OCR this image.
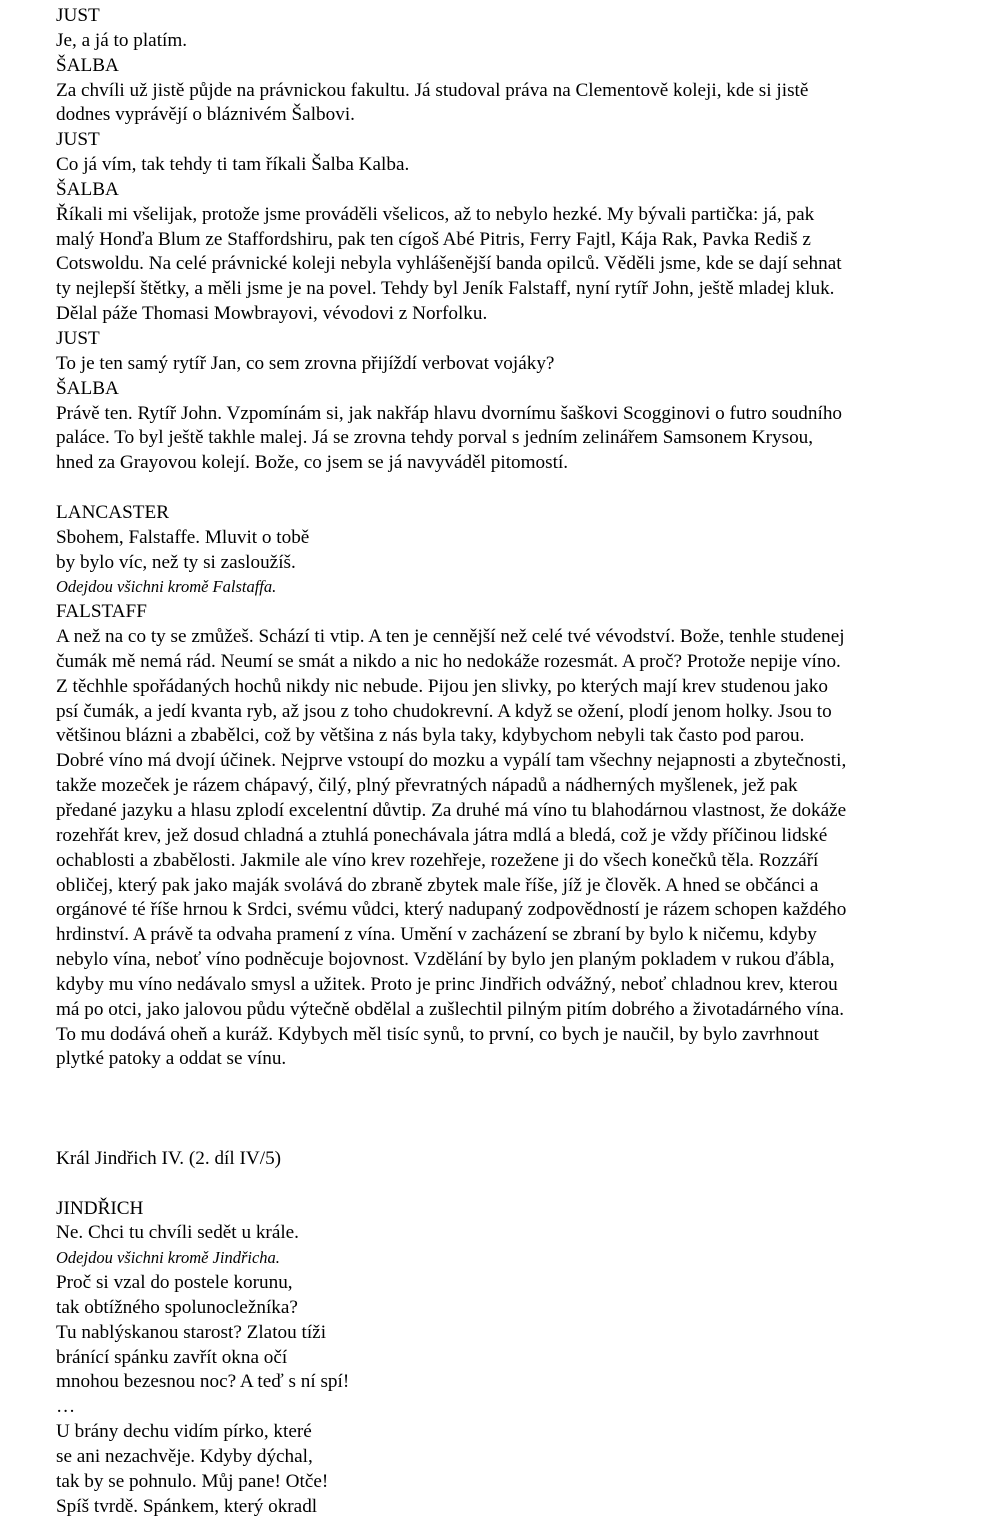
JUST
Je, a já to platím.
ŠALBA
Za chvíli už jistě půjde na právnickou fakultu. Já studoval práva na Clementově koleji, kde si jistě
dodnes vyprávějí o bláznivém Šalbovi.
JUST
Co já vím, tak tehdy ti tam říkali Šalba Kalba.
ŠALBA
Říkali mi všelijak, protože jsme prováděli všelicos, až to nebylo hezké. My bývali partička: já, pak
malý Honďa Blum ze Staffordshiru, pak ten cígoš Abé Pitris, Ferry Fajtl, Kája Rak, Pavka Rediš z
Cotswoldu. Na celé právnické koleji nebyla vyhlášenější banda opilců. Věděli jsme, kde se dají sehnat
ty nejlepší štětky, a měli jsme je na povel. Tehdy byl Jeník Falstaff, nyní rytíř John, ještě mladej kluk.
Dělal páže Thomasi Mowbrayovi, vévodovi z Norfolku.
JUST
To je ten samý rytíř Jan, co sem zrovna přijíždí verbovat vojáky?
ŠALBA
Právě ten. Rytíř John. Vzpomínám si, jak nakřáp hlavu dvornímu šaškovi Scogginovi o futro soudního
paláce. To byl ještě takhle malej. Já se zrovna tehdy porval s jedním zelinářem Samsonem Krysou,
hned za Grayovou kolejí. Bože, co jsem se já navyváděl pitomostí.
LANCASTER
Sbohem, Falstaffe. Mluvit o tobě
by bylo víc, než ty si zasloužíš.
Odejdou všichni kromě Falstaffa.
FALSTAFF
A než na co ty se zmůžeš. Schází ti vtip. A ten je cennější než celé tvé vévodství. Bože, tenhle studenej
čumák mě nemá rád. Neumí se smát a nikdo a nic ho nedokáže rozesmát. A proč? Protože nepije víno.
Z těchhle spořádaných hochů nikdy nic nebude. Pijou jen slivky, po kterých mají krev studenou jako
psí čumák, a jedí kvanta ryb, až jsou z toho chudokrevní. A když se ožení, plodí jenom holky. Jsou to
většinou blázni a zbabělci, což by většina z nás byla taky, kdybychom nebyli tak často pod parou.
Dobré víno má dvojí účinek. Nejprve vstoupí do mozku a vypálí tam všechny nejapnosti a zbytečnosti,
takže mozeček je rázem chápavý, čilý, plný převratných nápadů a nádherných myšlenek, jež pak
předané jazyku a hlasu zplodí excelentní důvtip. Za druhé má víno tu blahodárnou vlastnost, že dokáže
rozehřát krev, jež dosud chladná a ztuhlá ponechávala játra mdlá a bledá, což je vždy příčinou lidské
ochablosti a zbabělosti. Jakmile ale víno krev rozehřeje, rozežene ji do všech konečků těla. Rozzáří
obličej, který pak jako maják svolává do zbraně zbytek male říše, jíž je člověk. A hned se občánci a
orgánové té říše hrnou k Srdci, svému vůdci, který nadupaný zodpovědností je rázem schopen každého
hrdinství. A právě ta odvaha pramení z vína. Umění v zacházení se zbraní by bylo k ničemu, kdyby
nebylo vína, neboť víno podněcuje bojovnost. Vzdělání by bylo jen planým pokladem v rukou ďábla,
kdyby mu víno nedávalo smysl a užitek. Proto je princ Jindřich odvážný, neboť chladnou krev, kterou
má po otci, jako jalovou půdu výtečně obdělal a zušlechtil pilným pitím dobrého a životadárného vína.
To mu dodává oheň a kuráž. Kdybych měl tisíc synů, to první, co bych je naučil, by bylo zavrhnout
plytké patoky a oddat se vínu.
Král Jindřich IV. (2. díl IV/5)
JINDŘICH
Ne. Chci tu chvíli sedět u krále.
Odejdou všichni kromě Jindřicha.
Proč si vzal do postele korunu,
tak obtížného spolunocležníka?
Tu nablýskanou starost? Zlatou tíži
bránící spánku zavřít okna očí
mnohou bezesnou noc? A teď s ní spí!
…
U brány dechu vidím pírko, které
se ani nezachvěje. Kdyby dýchal,
tak by se pohnulo. Můj pane! Otče!
Spíš tvrdě. Spánkem, který okradl
